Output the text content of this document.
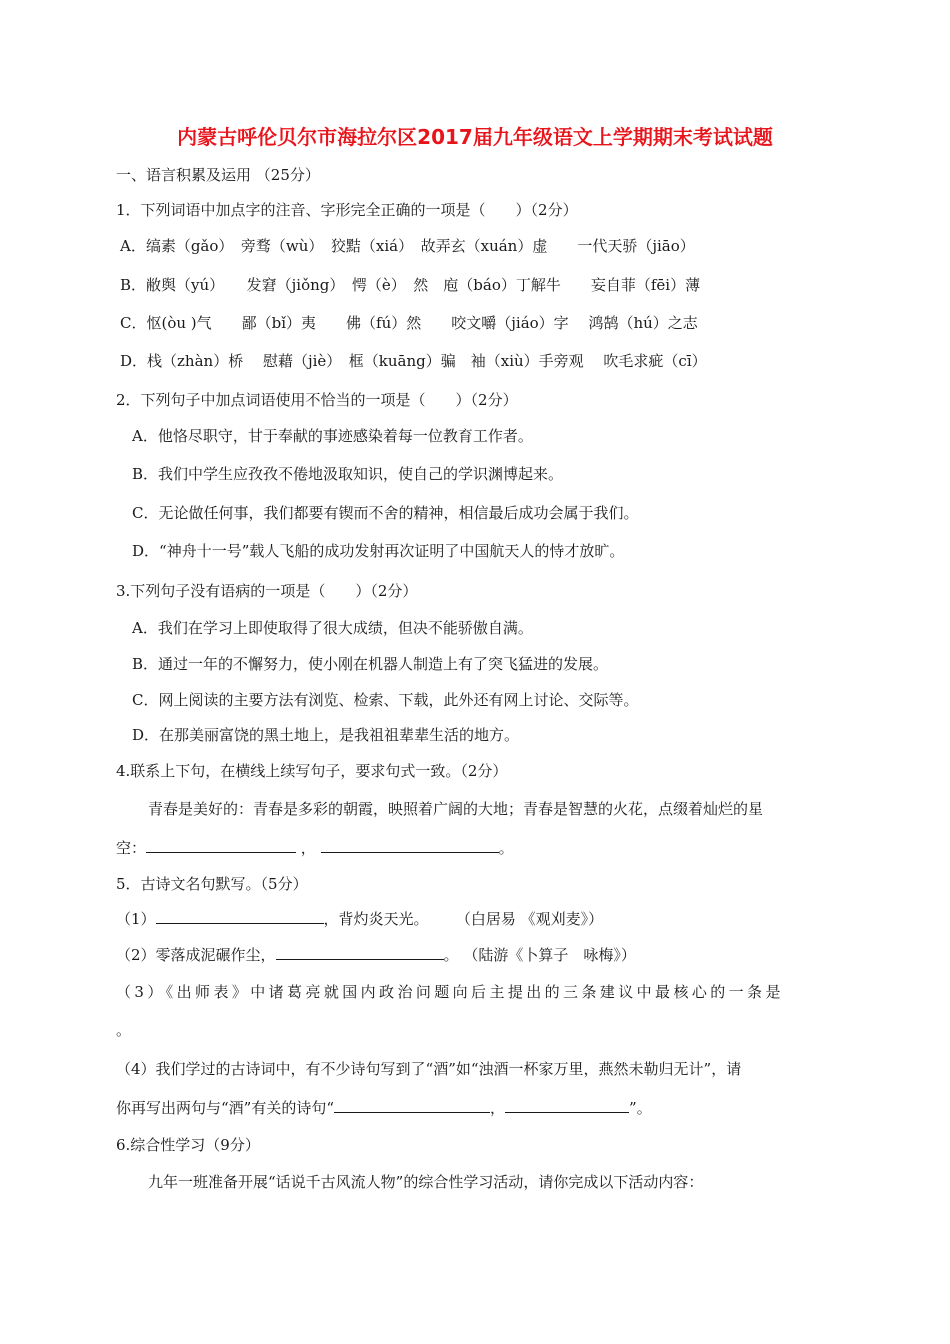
内蒙古呼伦贝尔市海拉尔区2017届九年级语文上学期期末考试试题
一、语言积累及运用 （25分）
1．下列词语中加点字的注音、字形完全正确的一项是（　　）（2分）
A．缟素（gǎo）　旁骛（wù）　狡黠（xiá）　故弄玄（xuán）虚　　一代天骄（jiāo）
B．敝舆（yú）　　发窘（jiǒng）　愕（è）　然　庖（báo）丁解牛　　妄自菲（fēi）薄
C．怄(òu )气　　鄙（bǐ）夷　　佛（fú）然　　咬文嚼（jiáo）字　 鸿鹄（hú）之志
D．栈（zhàn）桥　 慰藉（jiè）　框（kuāng）骗　袖（xiù）手旁观　 吹毛求疵（cī）
2．下列句子中加点词语使用不恰当的一项是（　　）（2分）
A．他恪尽职守，甘于奉献的事迹感染着每一位教育工作者。
B．我们中学生应孜孜不倦地汲取知识，使自己的学识渊博起来。
C．无论做任何事，我们都要有锲而不舍的精神，相信最后成功会属于我们。
D．“神舟十一号”载人飞船的成功发射再次证明了中国航天人的恃才放旷。
3.下列句子没有语病的一项是（　　）（2分）
A．我们在学习上即使取得了很大成绩，但决不能骄傲自满。
B．通过一年的不懈努力，使小刚在机器人制造上有了突飞猛进的发展。
C．网上阅读的主要方法有浏览、检索、下载，此外还有网上讨论、交际等。
D．在那美丽富饶的黑土地上，是我祖祖辈辈生活的地方。
4.联系上下句，在横线上续写句子，要求句式一致。（2分）
青春是美好的：青春是多彩的朝霞，映照着广阔的大地；青春是智慧的火花，点缀着灿烂的星
空：	，	。
5．古诗文名句默写。（5分）
（1）	，背灼炎天光。　　 （白居易 《观刈麦》）
（2）零落成泥碾作尘，	。 （陆游《卜算子　咏梅》）
（3）《出师表》中诸葛亮就国内政治问题向后主提出的三条建议中最核心的一条是
。
（4）我们学过的古诗词中，有不少诗句写到了“酒”如“浊酒一杯家万里，燕然未勒归无计”，请
你再写出两句与“酒”有关的诗句“	，	”。
6.综合性学习（9分）
九年一班准备开展“话说千古风流人物”的综合性学习活动，请你完成以下活动内容：
